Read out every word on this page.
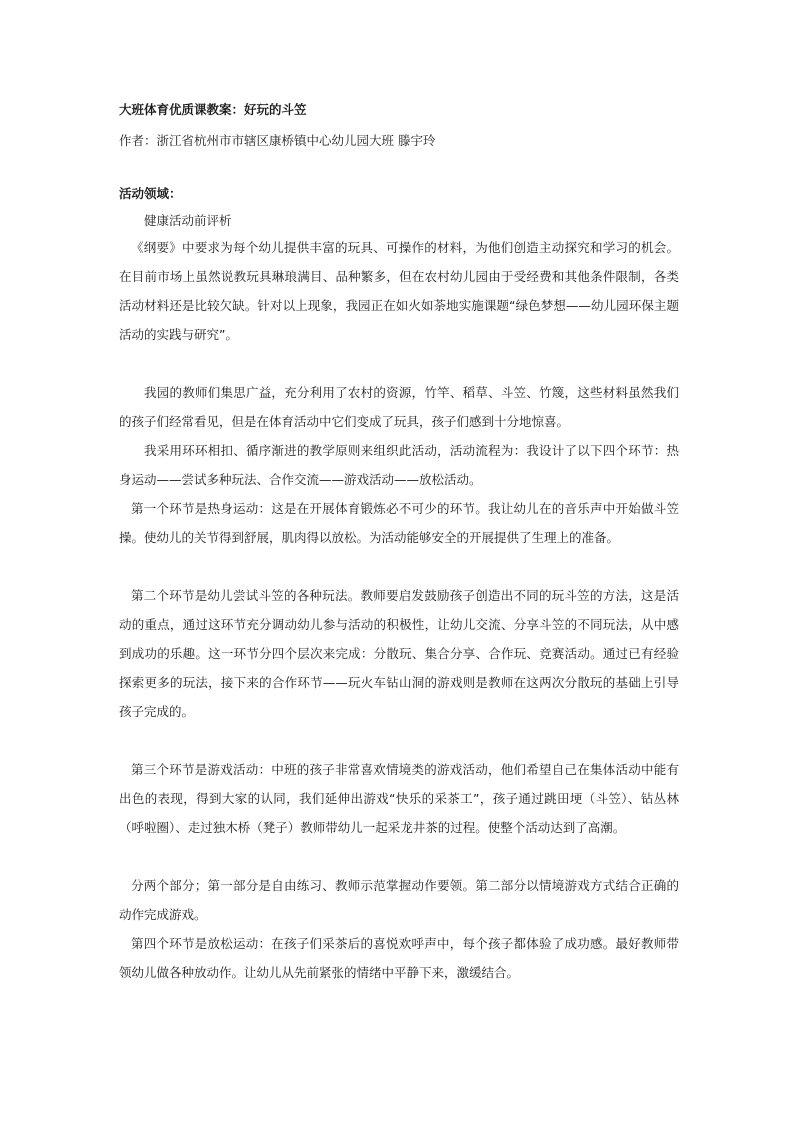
大班体育优质课教案：好玩的斗笠

作者：浙江省杭州市市辖区康桥镇中心幼儿园大班 滕宇玲

活动领域：

健康活动前评析

《纲要》中要求为每个幼儿提供丰富的玩具、可操作的材料，为他们创造主动探究和学习的机会。在目前市场上虽然说教玩具琳琅满目、品种繁多，但在农村幼儿园由于受经费和其他条件限制，各类活动材料还是比较欠缺。针对以上现象，我园正在如火如荼地实施课题“绿色梦想——幼儿园环保主题活动的实践与研究”。

我园的教师们集思广益，充分利用了农村的资源，竹竿、稻草、斗笠、竹篾，这些材料虽然我们的孩子们经常看见，但是在体育活动中它们变成了玩具，孩子们感到十分地惊喜。

我采用环环相扣、循序渐进的教学原则来组织此活动，活动流程为：我设计了以下四个环节：热身运动——尝试多种玩法、合作交流——游戏活动——放松活动。

第一个环节是热身运动：这是在开展体育锻炼必不可少的环节。我让幼儿在的音乐声中开始做斗笠操。使幼儿的关节得到舒展，肌肉得以放松。为活动能够安全的开展提供了生理上的准备。

第二个环节是幼儿尝试斗笠的各种玩法。教师要启发鼓励孩子创造出不同的玩斗笠的方法，这是活动的重点，通过这环节充分调动幼儿参与活动的积极性，让幼儿交流、分享斗笠的不同玩法，从中感到成功的乐趣。这一环节分四个层次来完成：分散玩、集合分享、合作玩、竞赛活动。通过已有经验探索更多的玩法，接下来的合作环节——玩火车钻山洞的游戏则是教师在这两次分散玩的基础上引导孩子完成的。

第三个环节是游戏活动：中班的孩子非常喜欢情境类的游戏活动，他们希望自己在集体活动中能有出色的表现，得到大家的认同，我们延伸出游戏“快乐的采茶工”，孩子通过跳田埂（斗笠）、钻丛林（呼啦圈）、走过独木桥（凳子）教师带幼儿一起采龙井茶的过程。使整个活动达到了高潮。

分两个部分；第一部分是自由练习、教师示范掌握动作要领。第二部分以情境游戏方式结合正确的动作完成游戏。

第四个环节是放松运动：在孩子们采茶后的喜悦欢呼声中，每个孩子都体验了成功感。最好教师带领幼儿做各种放动作。让幼儿从先前紧张的情绪中平静下来，激缓结合。
